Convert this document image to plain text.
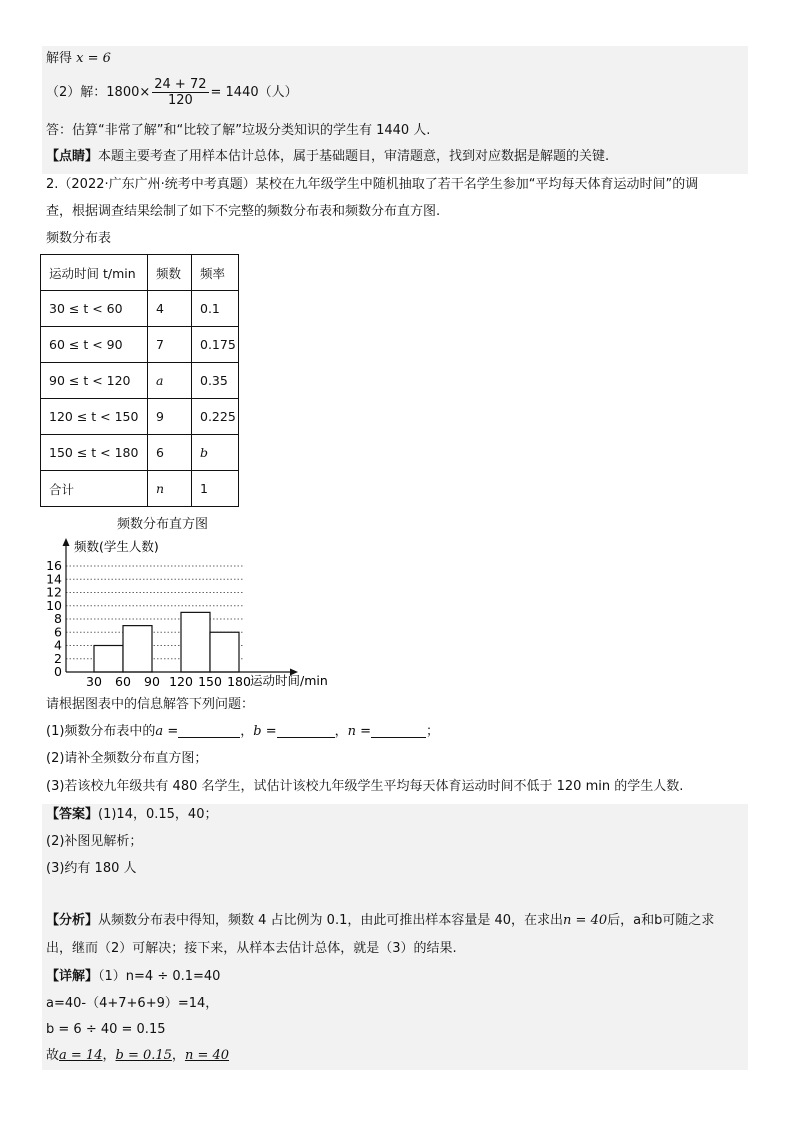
解得 x = 6
（2）解：$1800\times \frac{24 + 72}{120} = 1440$（人）
答：估算“非常了解”和“比较了解”垃圾分类知识的学生有 1440 人.
【点睛】本题主要考查了用样本估计总体，属于基础题目，审清题意，找到对应数据是解题的关键.
2.（2022·广东广州·统考中考真题）某校在九年级学生中随机抽取了若干名学生参加“平均每天体育运动时间”的调
查，根据调查结果绘制了如下不完整的频数分布表和频数分布直方图.
频数分布表
运动时间 t/min	频数	频率
30 ≤ t < 60	4	0.1
60 ≤ t < 90	7	0.175
90 ≤ t < 120	a	0.35
120 ≤ t < 150	9	0.225
150 ≤ t < 180	6	b
合计	n	1
频数分布直方图
0
2
4
6
8
10
12
14
16
30 60 90 120 150 180
频数(学生人数)
运动时间/min
请根据图表中的信息解答下列问题：
(1)频数分布表中的a =	，b =	，n =	；
(2)请补全频数分布直方图；
(3)若该校九年级共有 480 名学生，试估计该校九年级学生平均每天体育运动时间不低于 120 min 的学生人数.
【答案】(1)14，0.15，40；
(2)补图见解析；
(3)约有 180 人
【分析】从频数分布表中得知，频数 4 占比例为 0.1，由此可推出样本容量是 40，在求出n = 40后，a和b可随之求
出，继而（2）可解决；接下来，从样本去估计总体，就是（3）的结果.
【详解】（1）n=4 ÷ 0.1=40
a=40-（4+7+6+9）=14，
b = 6 ÷ 40 = 0.15
故a = 14，b = 0.15，n = 40
